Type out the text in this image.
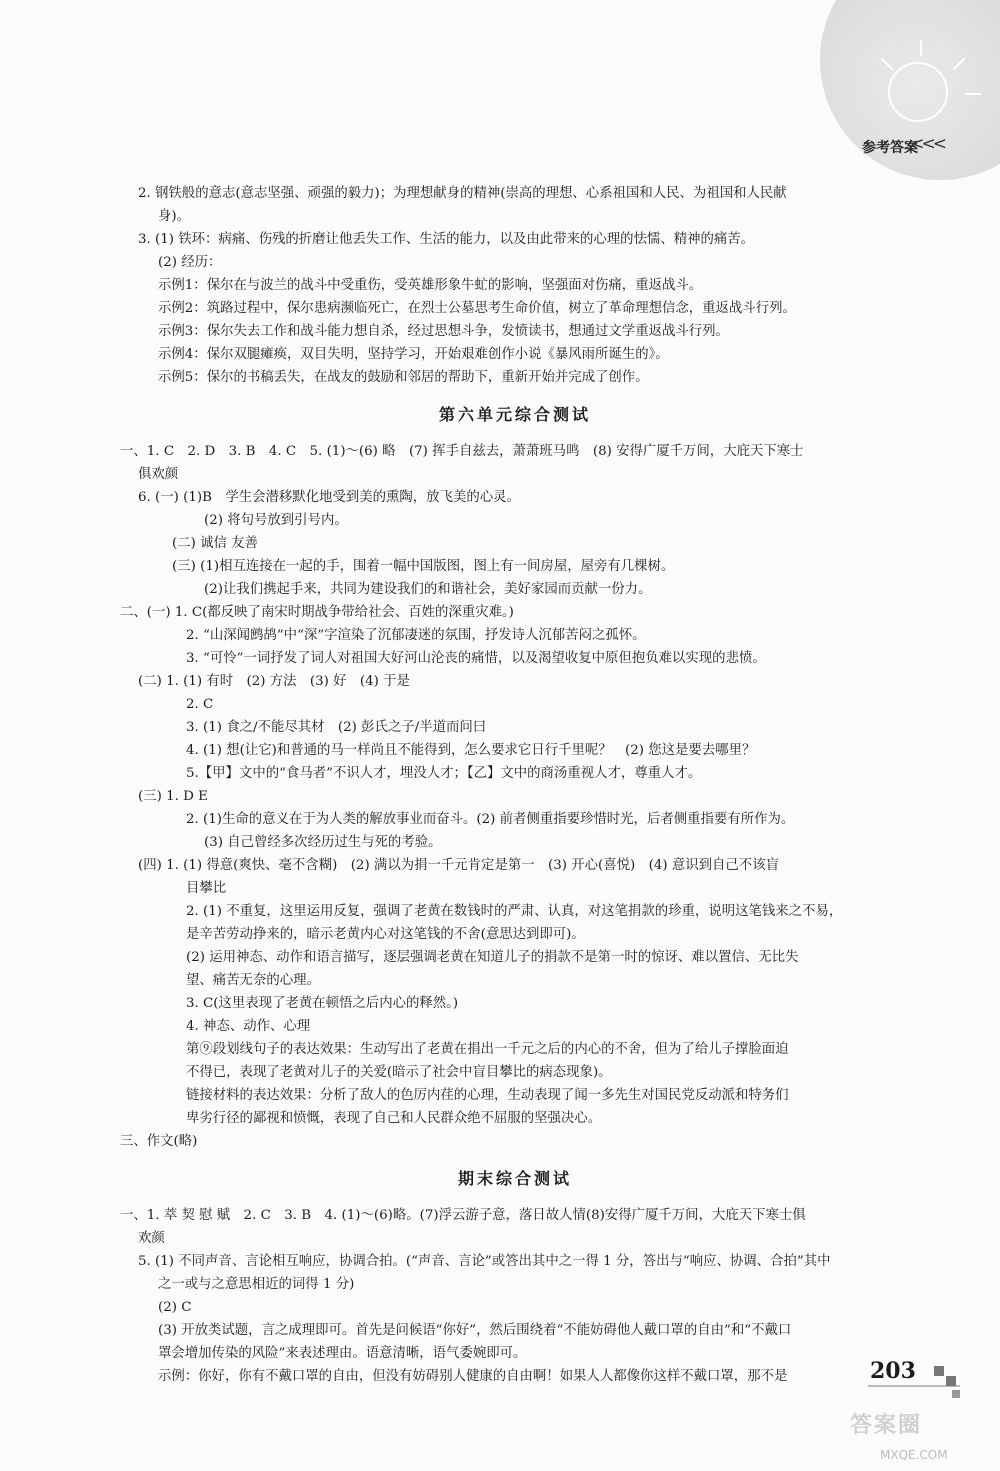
参考答案
<<<
2. 钢铁般的意志(意志坚强、顽强的毅力)；为理想献身的精神(崇高的理想、心系祖国和人民、为祖国和人民献
身)。
3. (1) 铁环：病痛、伤残的折磨让他丢失工作、生活的能力，以及由此带来的心理的怯懦、精神的痛苦。
(2) 经历：
示例1：保尔在与波兰的战斗中受重伤，受英雄形象牛虻的影响，坚强面对伤痛，重返战斗。
示例2：筑路过程中，保尔患病濒临死亡，在烈士公墓思考生命价值，树立了革命理想信念，重返战斗行列。
示例3：保尔失去工作和战斗能力想自杀，经过思想斗争，发愤读书，想通过文学重返战斗行列。
示例4：保尔双腿瘫痪，双目失明，坚持学习，开始艰难创作小说《暴风雨所诞生的》。
示例5：保尔的书稿丢失，在战友的鼓励和邻居的帮助下，重新开始并完成了创作。
第六单元综合测试
一、1. C　2. D　3. B　4. C　5. (1)～(6) 略　(7) 挥手自兹去，萧萧班马鸣　(8) 安得广厦千万间，大庇天下寒士
俱欢颜
6. (一) (1)B　学生会潜移默化地受到美的熏陶，放飞美的心灵。
(2) 将句号放到引号内。
(二) 诚信 友善
(三) (1)相互连接在一起的手，围着一幅中国版图，图上有一间房屋，屋旁有几棵树。
(2)让我们携起手来，共同为建设我们的和谐社会，美好家园而贡献一份力。
二、(一) 1. C(都反映了南宋时期战争带给社会、百姓的深重灾难。)
2. “山深闻鹧鸪”中“深”字渲染了沉郁凄迷的氛围，抒发诗人沉郁苦闷之孤怀。
3. “可怜”一词抒发了词人对祖国大好河山沦丧的痛惜，以及渴望收复中原但抱负难以实现的悲愤。
(二) 1. (1) 有时　(2) 方法　(3) 好　(4) 于是
2. C
3. (1) 食之/不能尽其材　(2) 彭氏之子/半道而问曰
4. (1) 想(让它)和普通的马一样尚且不能得到，怎么要求它日行千里呢？　(2) 您这是要去哪里？
5.【甲】文中的“食马者”不识人才，埋没人才；【乙】文中的商汤重视人才，尊重人才。
(三) 1. D E
2. (1)生命的意义在于为人类的解放事业而奋斗。(2) 前者侧重指要珍惜时光，后者侧重指要有所作为。
(3) 自己曾经多次经历过生与死的考验。
(四) 1. (1) 得意(爽快、毫不含糊)　(2) 满以为捐一千元肯定是第一　(3) 开心(喜悦)　(4) 意识到自己不该盲
目攀比
2. (1) 不重复，这里运用反复，强调了老黄在数钱时的严肃、认真，对这笔捐款的珍重，说明这笔钱来之不易，
是辛苦劳动挣来的，暗示老黄内心对这笔钱的不舍(意思达到即可)。
(2) 运用神态、动作和语言描写，逐层强调老黄在知道儿子的捐款不是第一时的惊讶、难以置信、无比失
望、痛苦无奈的心理。
3. C(这里表现了老黄在顿悟之后内心的释然。)
4. 神态、动作、心理
第⑨段划线句子的表达效果：生动写出了老黄在捐出一千元之后的内心的不舍，但为了给儿子撑脸面迫
不得已，表现了老黄对儿子的关爱(暗示了社会中盲目攀比的病态现象)。
链接材料的表达效果：分析了敌人的色厉内荏的心理，生动表现了闻一多先生对国民党反动派和特务们
卑劣行径的鄙视和愤慨，表现了自己和人民群众绝不屈服的坚强决心。
三、作文(略)
期末综合测试
一、1. 萃 契 慰 赋　2. C　3. B　4. (1)～(6)略。(7)浮云游子意，落日故人情(8)安得广厦千万间，大庇天下寒士俱
欢颜
5. (1) 不同声音、言论相互响应，协调合拍。(“声音、言论”或答出其中之一得 1 分，答出与“响应、协调、合拍”其中
之一或与之意思相近的词得 1 分)
(2) C
(3) 开放类试题，言之成理即可。首先是问候语“你好”，然后围绕着“不能妨碍他人戴口罩的自由”和“不戴口
罩会增加传染的风险”来表述理由。语意清晰，语气委婉即可。
示例：你好，你有不戴口罩的自由，但没有妨碍别人健康的自由啊！如果人人都像你这样不戴口罩，那不是	203
答案圈
MXQE.COM
